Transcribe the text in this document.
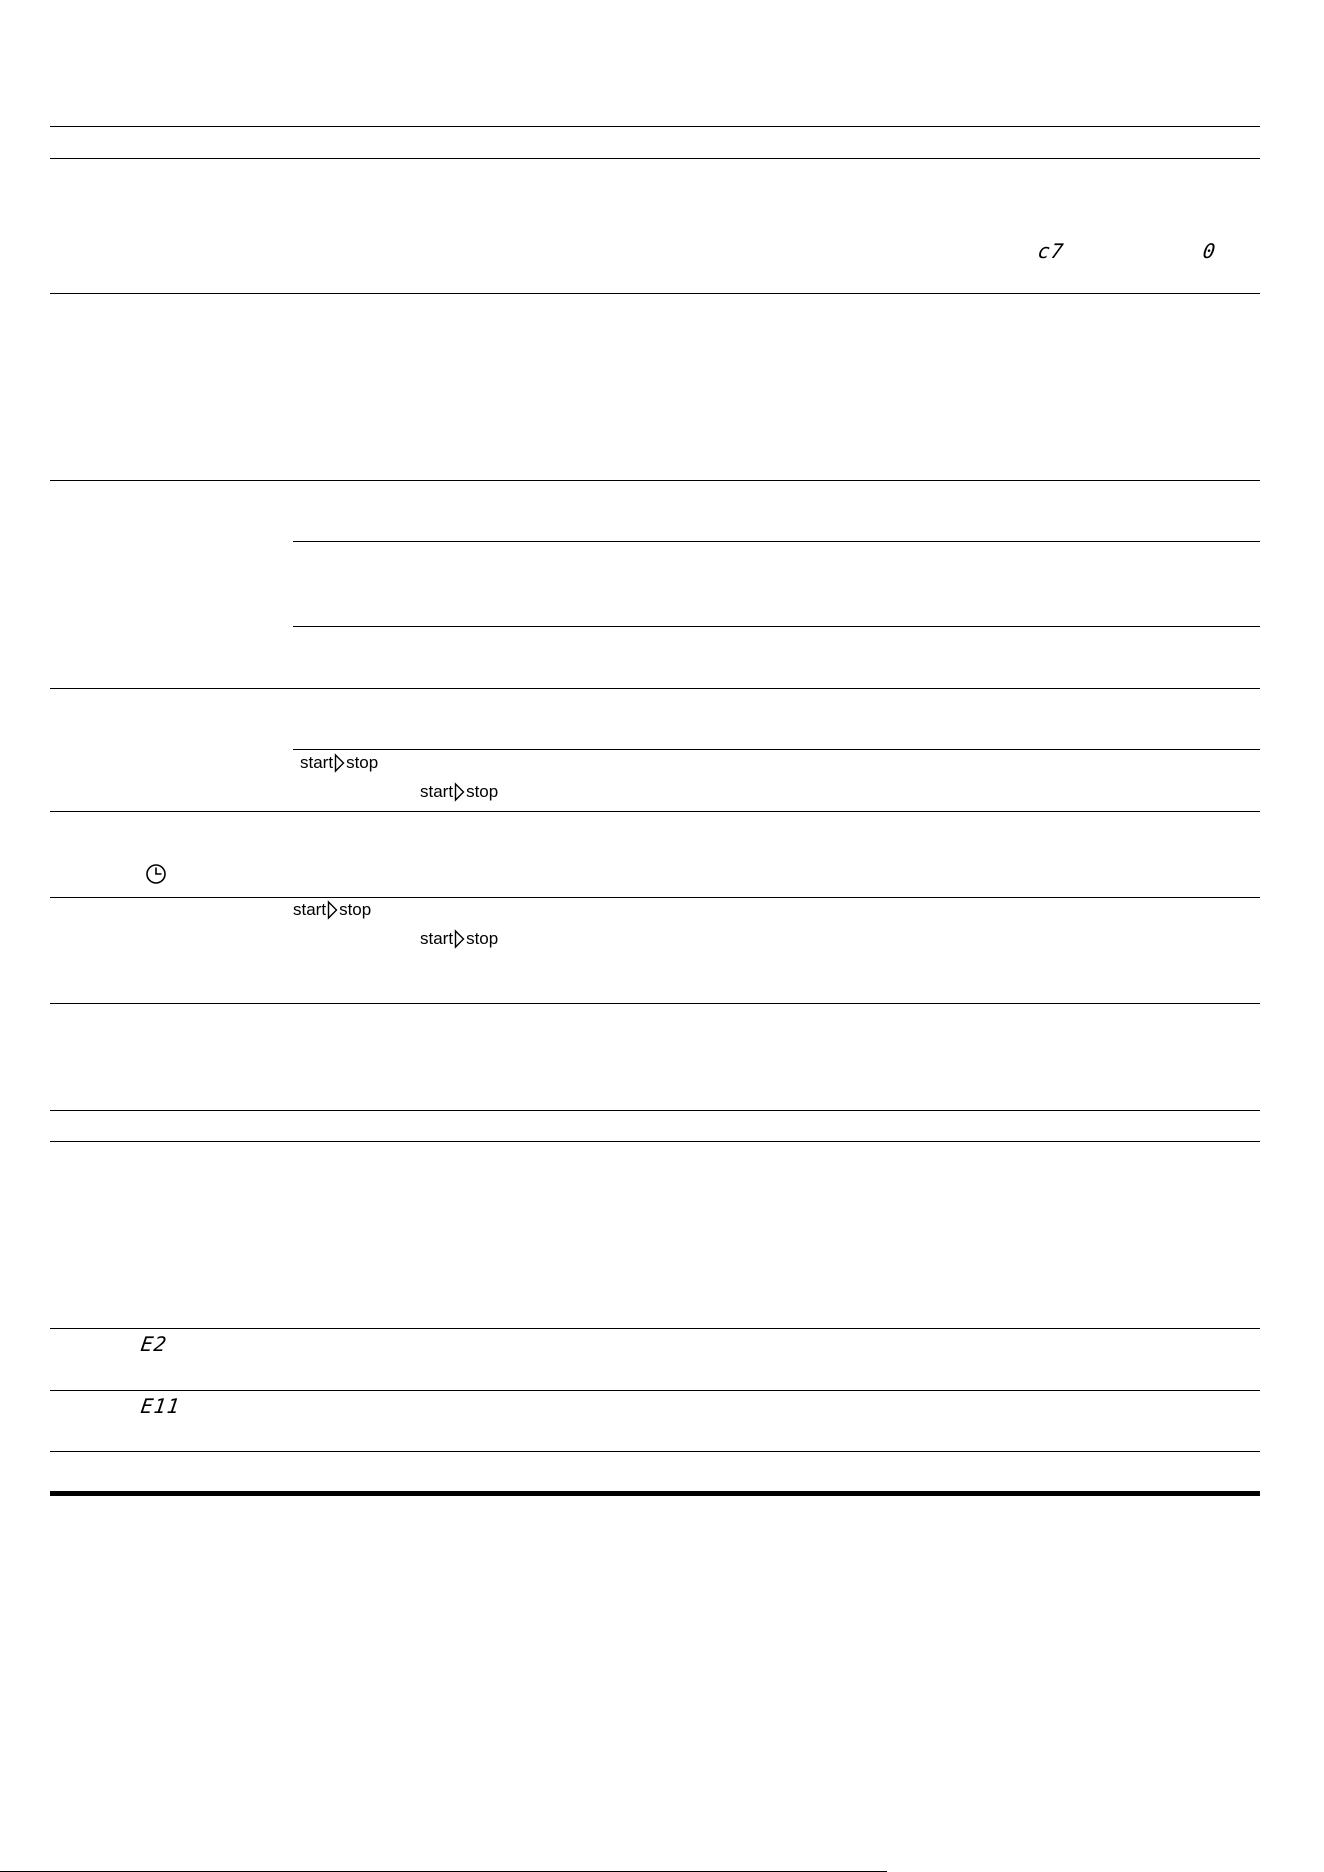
c7	0
E2
E11
start stop
start stop
start stop
start stop
